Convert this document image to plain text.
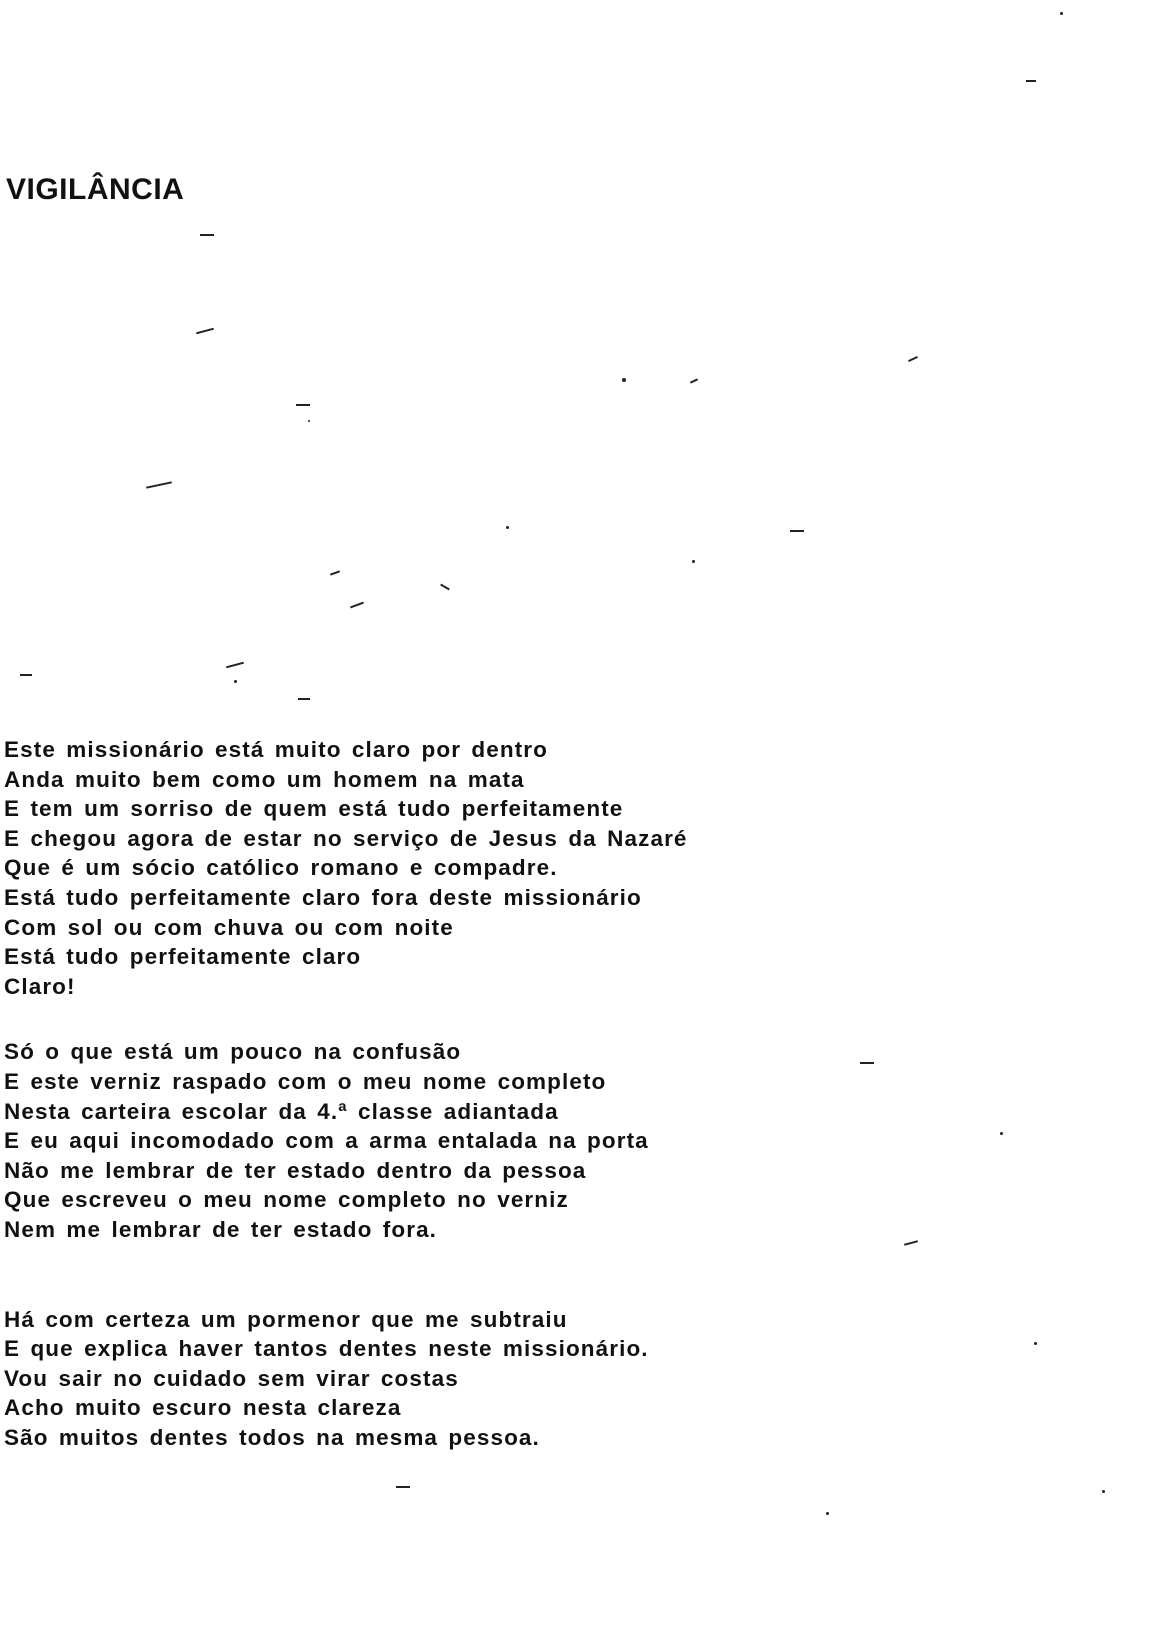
VIGILÂNCIA
Este missionário está muito claro por dentro
Anda muito bem como um homem na mata
E tem um sorriso de quem está tudo perfeitamente
E chegou agora de estar no serviço de Jesus da Nazaré
Que é um sócio católico romano e compadre.
Está tudo perfeitamente claro fora deste missionário
Com sol ou com chuva ou com noite
Está tudo perfeitamente claro
Claro!
Só o que está um pouco na confusão
E este verniz raspado com o meu nome completo
Nesta carteira escolar da 4.ª classe adiantada
E eu aqui incomodado com a arma entalada na porta
Não me lembrar de ter estado dentro da pessoa
Que escreveu o meu nome completo no verniz
Nem me lembrar de ter estado fora.
Há com certeza um pormenor que me subtraiu
E que explica haver tantos dentes neste missionário.
Vou sair no cuidado sem virar costas
Acho muito escuro nesta clareza
São muitos dentes todos na mesma pessoa.
